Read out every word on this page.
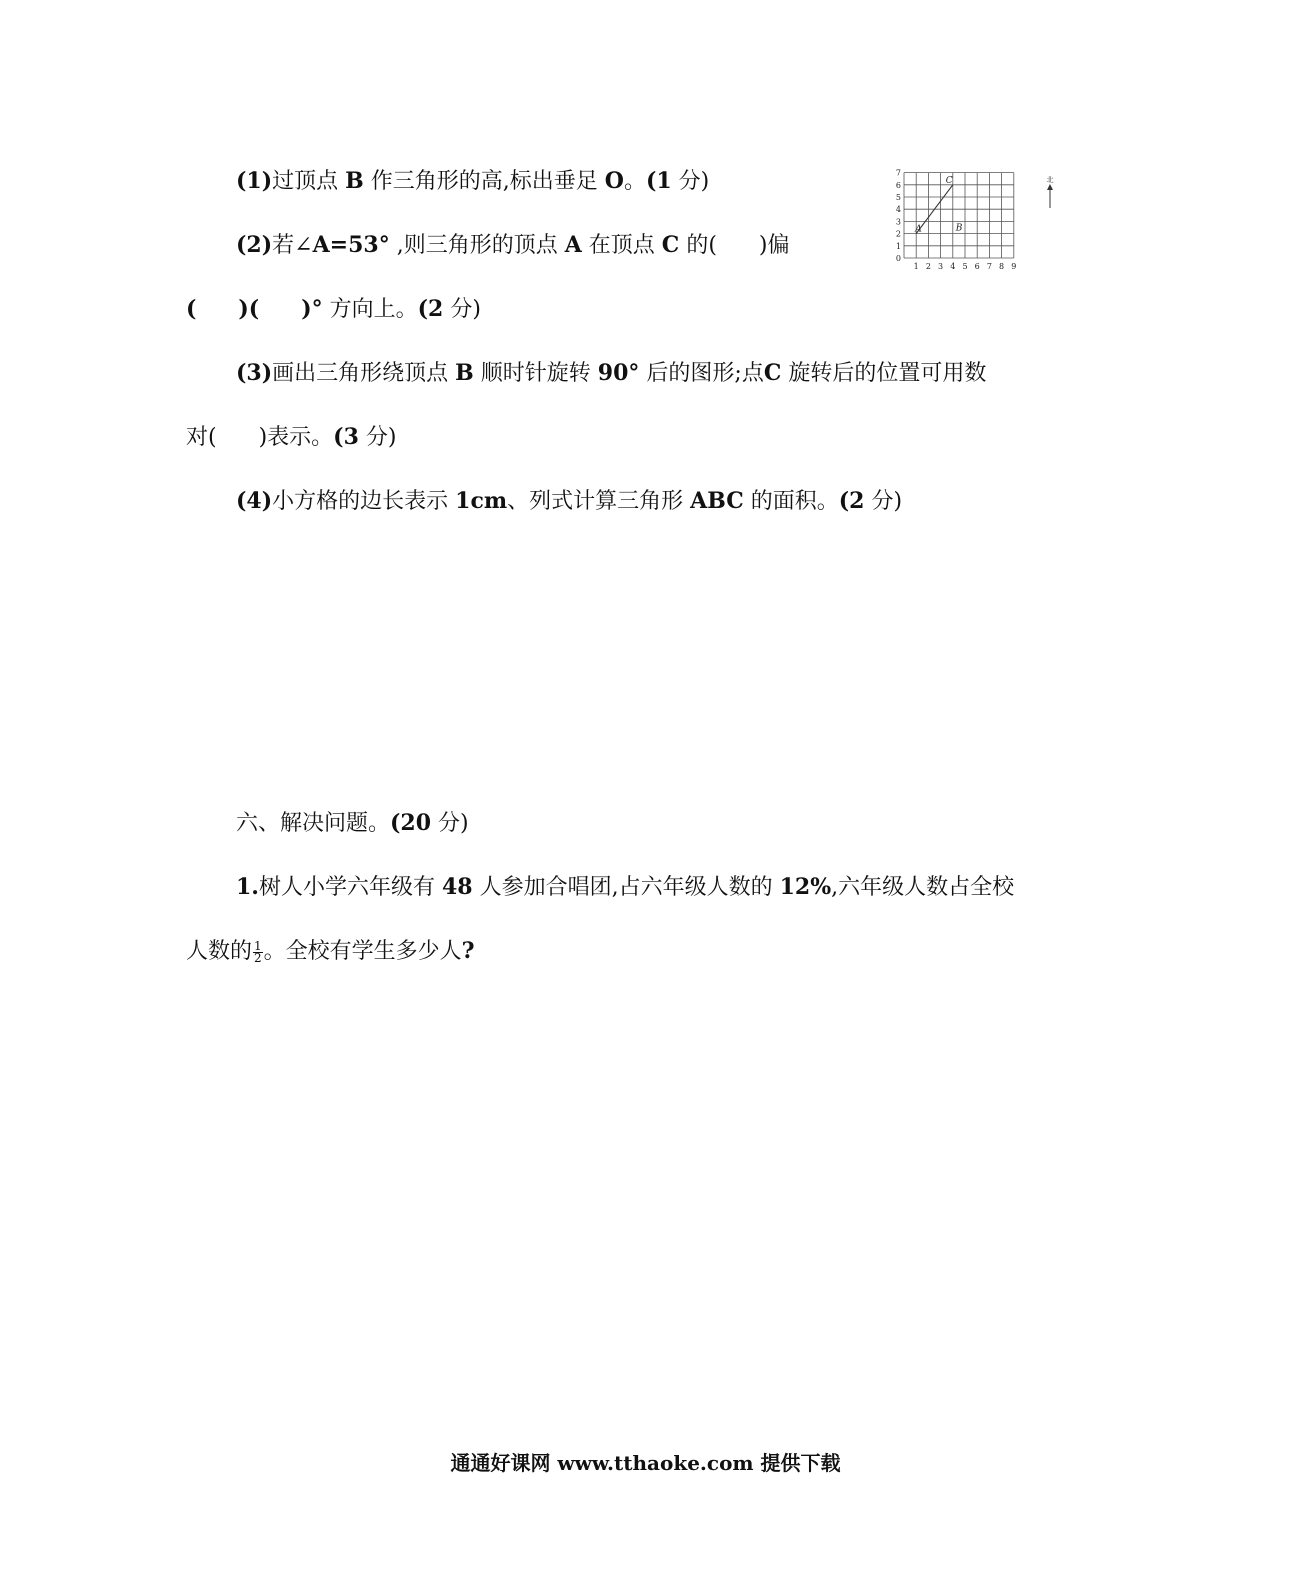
(1)过顶点 B 作三角形的高,标出垂足 O。(1 分)
(2)若∠A=53° ,则三角形的顶点 A 在顶点 C 的( )偏
( )( )° 方向上。(2 分)
(3)画出三角形绕顶点 B 顺时针旋转 90° 后的图形;点C 旋转后的位置可用数
对( )表示。(3 分)
(4)小方格的边长表示 1cm、列式计算三角形 ABC 的面积。(2 分)
A	B
C
1 2 3 4 5 6 7 8 9
0
1
2
3
4
5
6
7
北
六、解决问题。(20 分)
1.树人小学六年级有 48 人参加合唱团,占六年级人数的 12%,六年级人数占全校
人数的 $\frac{1}{2}$ 。全校有学生多少人?
通通好课网 www.tthaoke.com 提供下载
